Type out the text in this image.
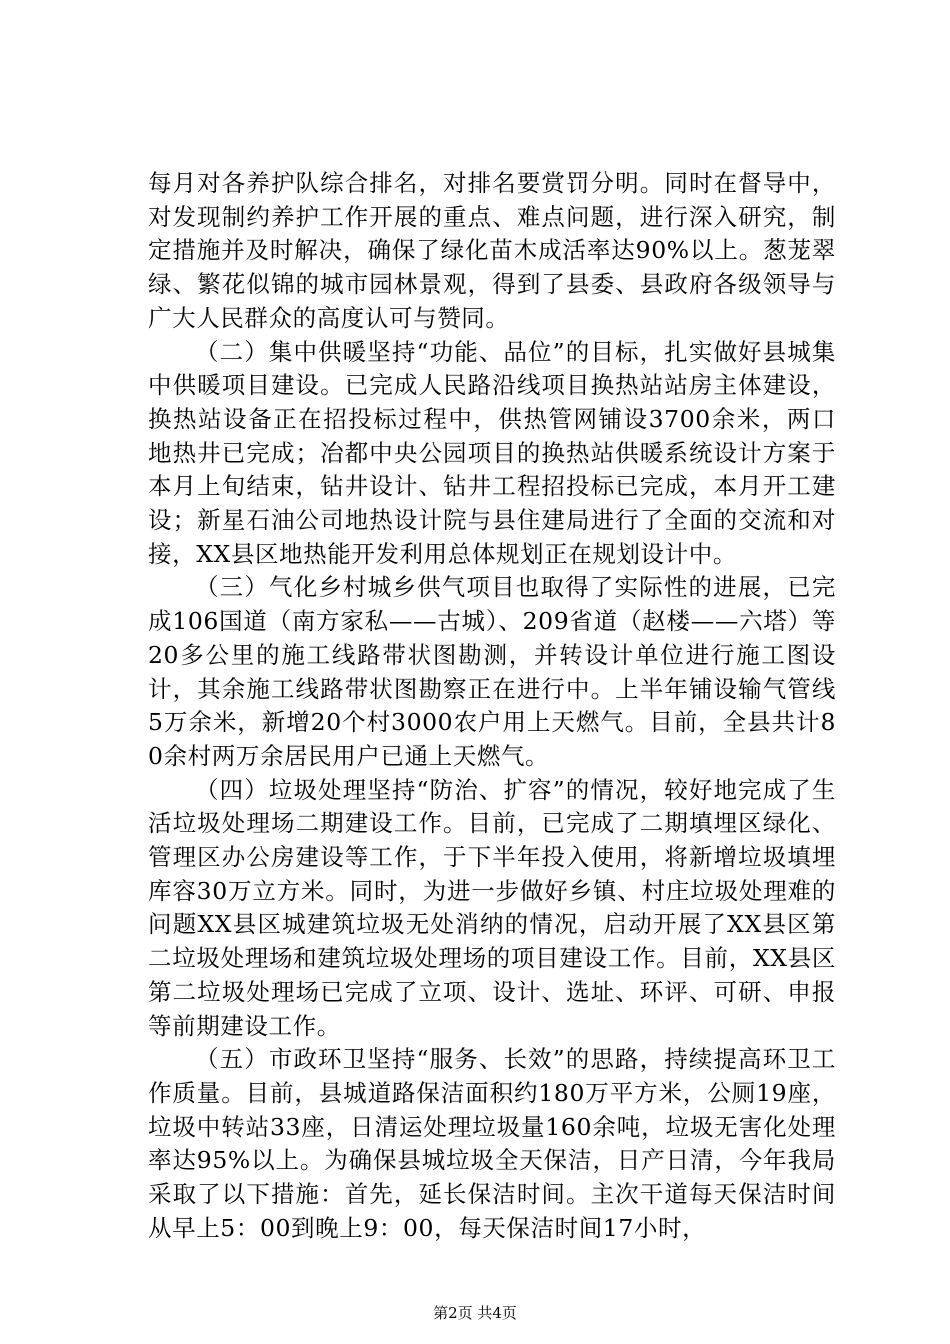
每月对各养护队综合排名，对排名要赏罚分明。同时在督导中，对发现制约养护工作开展的重点、难点问题，进行深入研究，制定措施并及时解决，确保了绿化苗木成活率达90%以上。葱茏翠绿、繁花似锦的城市园林景观，得到了县委、县政府各级领导与广大人民群众的高度认可与赞同。

（二）集中供暖坚持“功能、品位”的目标，扎实做好县城集中供暖项目建设。已完成人民路沿线项目换热站站房主体建设，换热站设备正在招投标过程中，供热管网铺设3700余米，两口地热井已完成；冶都中央公园项目的换热站供暖系统设计方案于本月上旬结束，钻井设计、钻井工程招投标已完成，本月开工建设；新星石油公司地热设计院与县住建局进行了全面的交流和对接，XX县区地热能开发利用总体规划正在规划设计中。

（三）气化乡村城乡供气项目也取得了实际性的进展，已完成106国道（南方家私——古城）、209省道（赵楼——六塔）等20多公里的施工线路带状图勘测，并转设计单位进行施工图设计，其余施工线路带状图勘察正在进行中。上半年铺设输气管线5万余米，新增20个村3000农户用上天燃气。目前，全县共计80余村两万余居民用户已通上天燃气。

（四）垃圾处理坚持“防治、扩容”的情况，较好地完成了生活垃圾处理场二期建设工作。目前，已完成了二期填埋区绿化、管理区办公房建设等工作，于下半年投入使用，将新增垃圾填埋库容30万立方米。同时，为进一步做好乡镇、村庄垃圾处理难的问题XX县区城建筑垃圾无处消纳的情况，启动开展了XX县区第二垃圾处理场和建筑垃圾处理场的项目建设工作。目前，XX县区第二垃圾处理场已完成了立项、设计、选址、环评、可研、申报等前期建设工作。

（五）市政环卫坚持“服务、长效”的思路，持续提高环卫工作质量。目前，县城道路保洁面积约180万平方米，公厕19座，垃圾中转站33座，日清运处理垃圾量160余吨，垃圾无害化处理率达95%以上。为确保县城垃圾全天保洁，日产日清，今年我局采取了以下措施：首先，延长保洁时间。主次干道每天保洁时间从早上5：00到晚上9：00，每天保洁时间17小时，

第2页 共4页
